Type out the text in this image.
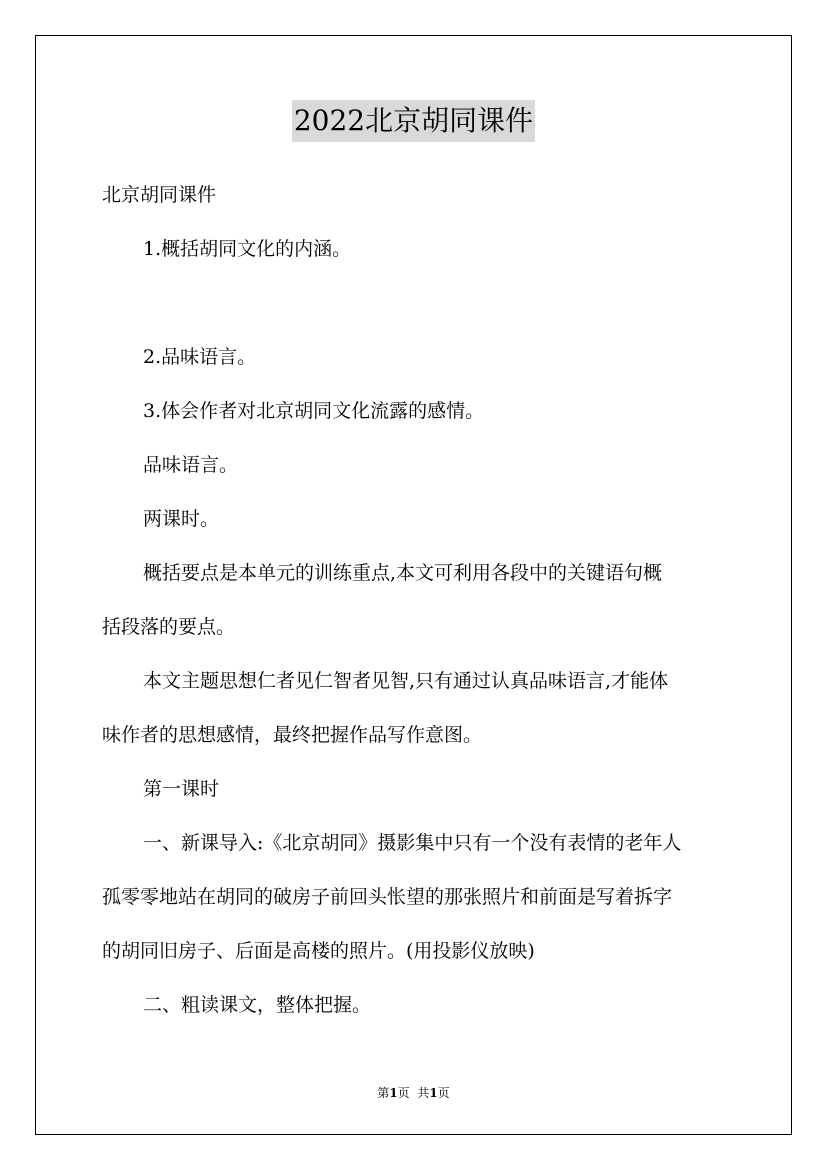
2022北京胡同课件
北京胡同课件
1.概括胡同文化的内涵。
2.品味语言。
3.体会作者对北京胡同文化流露的感情。
品味语言。
两课时。
概括要点是本单元的训练重点,本文可利用各段中的关键语句概
括段落的要点。
本文主题思想仁者见仁智者见智,只有通过认真品味语言,才能体
味作者的思想感情，最终把握作品写作意图。
第一课时
一、新课导入:《北京胡同》摄影集中只有一个没有表情的老年人
孤零零地站在胡同的破房子前回头怅望的那张照片和前面是写着拆字
的胡同旧房子、后面是高楼的照片。(用投影仪放映)
二、粗读课文，整体把握。
第1页  共1页
